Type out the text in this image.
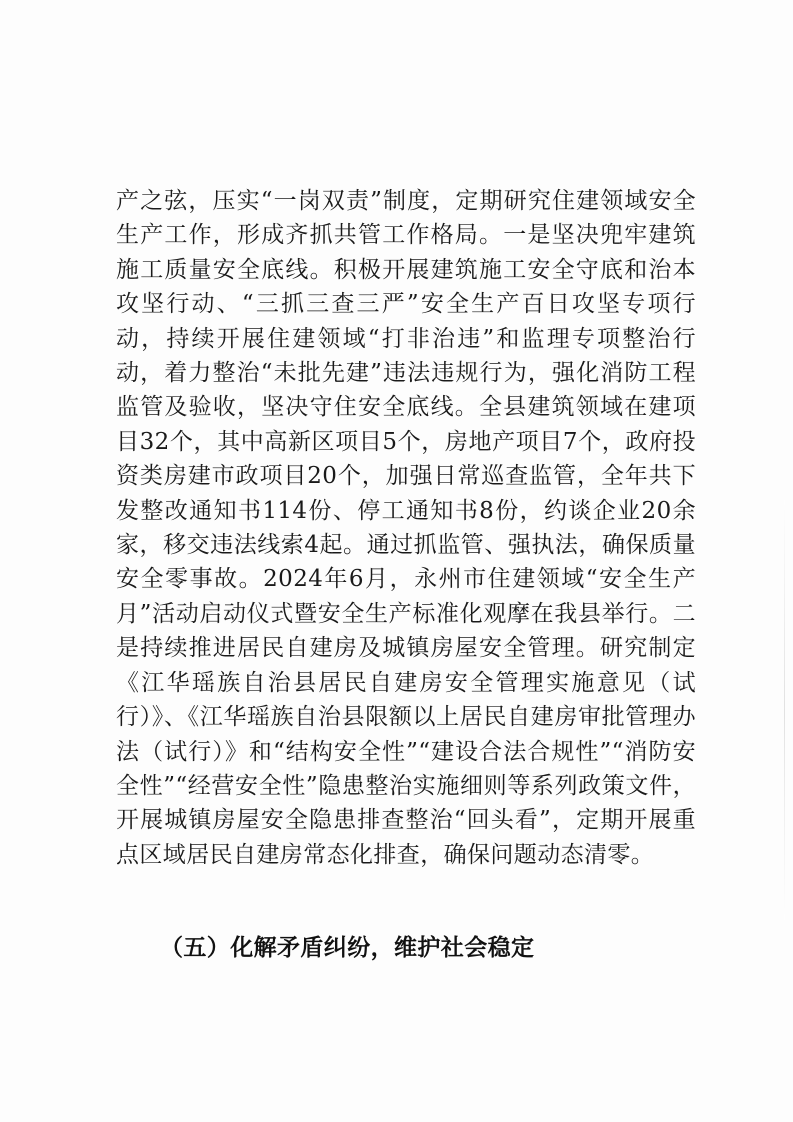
产之弦，压实“一岗双责”制度，定期研究住建领域安全生产工作，形成齐抓共管工作格局。一是坚决兜牢建筑施工质量安全底线。积极开展建筑施工安全守底和治本攻坚行动、“三抓三查三严”安全生产百日攻坚专项行动，持续开展住建领域“打非治违”和监理专项整治行动，着力整治“未批先建”违法违规行为，强化消防工程监管及验收，坚决守住安全底线。全县建筑领域在建项目32个，其中高新区项目5个，房地产项目7个，政府投资类房建市政项目20个，加强日常巡查监管，全年共下发整改通知书114份、停工通知书8份，约谈企业20余家，移交违法线索4起。通过抓监管、强执法，确保质量安全零事故。2024年6月，永州市住建领域“安全生产月”活动启动仪式暨安全生产标准化观摩在我县举行。二是持续推进居民自建房及城镇房屋安全管理。研究制定《江华瑶族自治县居民自建房安全管理实施意见（试行）》、《江华瑶族自治县限额以上居民自建房审批管理办法（试行）》和“结构安全性”“建设合法合规性”“消防安全性”“经营安全性”隐患整治实施细则等系列政策文件，开展城镇房屋安全隐患排查整治“回头看”，定期开展重点区域居民自建房常态化排查，确保问题动态清零。

（五）化解矛盾纠纷，维护社会稳定
